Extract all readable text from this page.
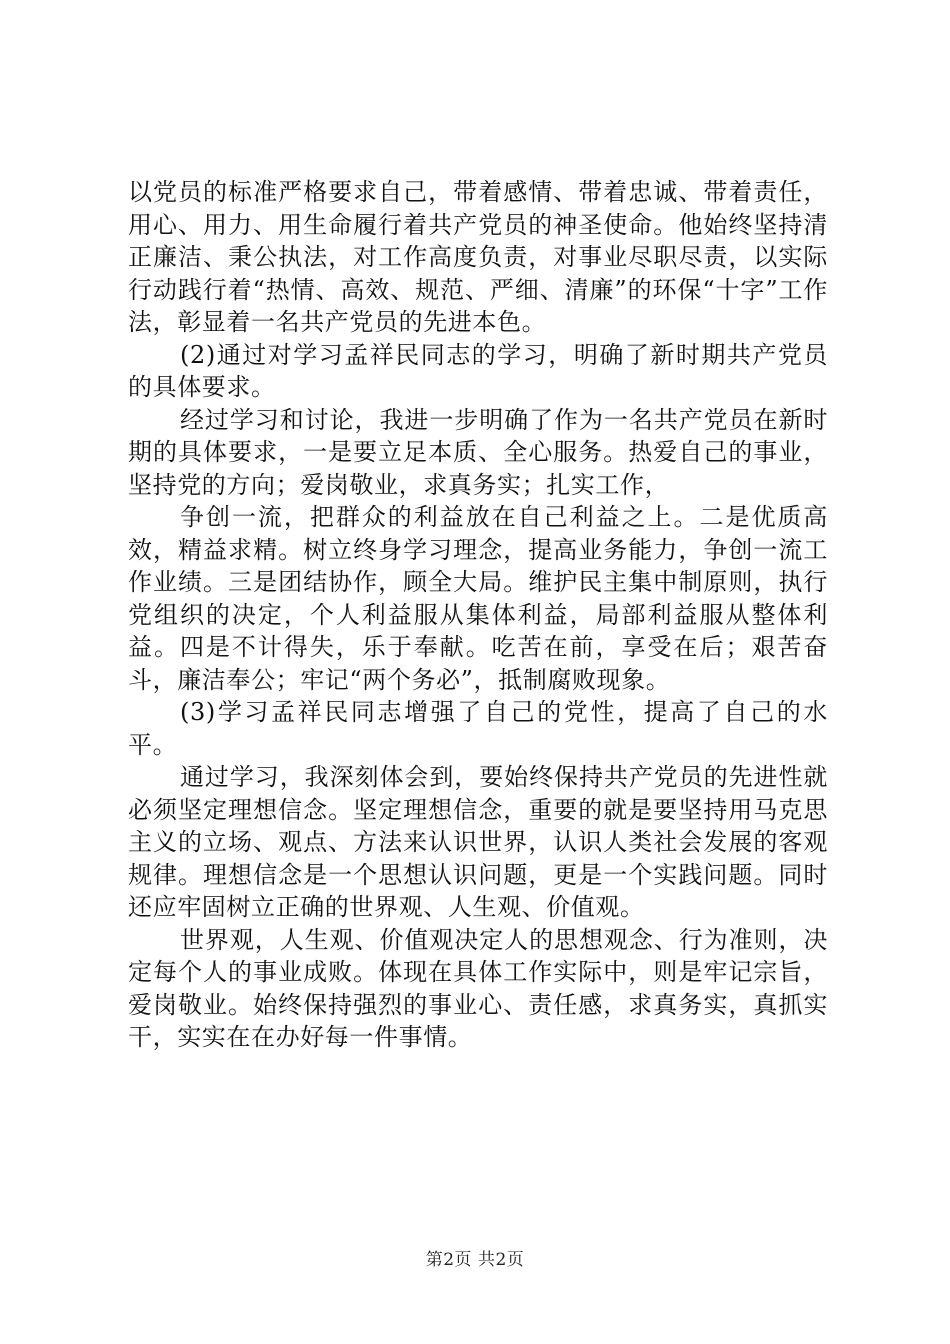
以党员的标准严格要求自己，带着感情、带着忠诚、带着责任，用心、用力、用生命履行着共产党员的神圣使命。他始终坚持清正廉洁、秉公执法，对工作高度负责，对事业尽职尽责，以实际行动践行着“热情、高效、规范、严细、清廉”的环保“十字”工作法，彰显着一名共产党员的先进本色。

(2)通过对学习孟祥民同志的学习，明确了新时期共产党员的具体要求。

经过学习和讨论，我进一步明确了作为一名共产党员在新时期的具体要求，一是要立足本质、全心服务。热爱自己的事业，坚持党的方向；爱岗敬业，求真务实；扎实工作，

争创一流，把群众的利益放在自己利益之上。二是优质高效，精益求精。树立终身学习理念，提高业务能力，争创一流工作业绩。三是团结协作，顾全大局。维护民主集中制原则，执行党组织的决定，个人利益服从集体利益，局部利益服从整体利益。四是不计得失，乐于奉献。吃苦在前，享受在后；艰苦奋斗，廉洁奉公；牢记“两个务必”，抵制腐败现象。

(3)学习孟祥民同志增强了自己的党性，提高了自己的水平。

通过学习，我深刻体会到，要始终保持共产党员的先进性就必须坚定理想信念。坚定理想信念，重要的就是要坚持用马克思主义的立场、观点、方法来认识世界，认识人类社会发展的客观规律。理想信念是一个思想认识问题，更是一个实践问题。同时还应牢固树立正确的世界观、人生观、价值观。

世界观，人生观、价值观决定人的思想观念、行为准则，决定每个人的事业成败。体现在具体工作实际中，则是牢记宗旨，爱岗敬业。始终保持强烈的事业心、责任感，求真务实，真抓实干，实实在在办好每一件事情。

第2页 共2页
